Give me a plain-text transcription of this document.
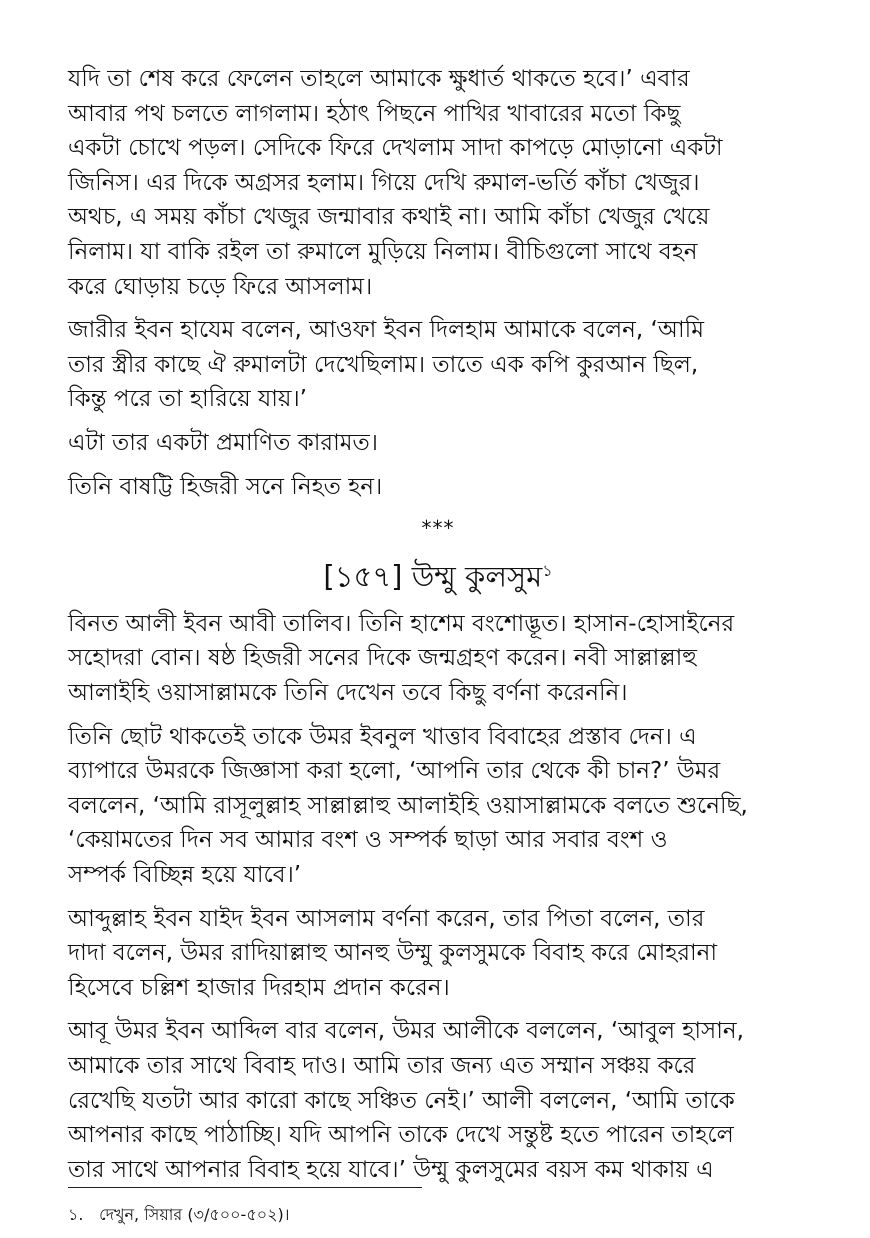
যদি তা শেষ করে ফেলেন তাহলে আমাকে ক্ষুধার্ত থাকতে হবে।’ এবার
আবার পথ চলতে লাগলাম। হঠাৎ পিছনে পাখির খাবারের মতো কিছু
একটা চোখে পড়ল। সেদিকে ফিরে দেখলাম সাদা কাপড়ে মোড়ানো একটা
জিনিস। এর দিকে অগ্রসর হলাম। গিয়ে দেখি রুমাল-ভর্তি কাঁচা খেজুর।
অথচ, এ সময় কাঁচা খেজুর জন্মাবার কথাই না। আমি কাঁচা খেজুর খেয়ে
নিলাম। যা বাকি রইল তা রুমালে মুড়িয়ে নিলাম। বীচিগুলো সাথে বহন
করে ঘোড়ায় চড়ে ফিরে আসলাম।
জারীর ইবন হাযেম বলেন, আওফা ইবন দিলহাম আমাকে বলেন, ‘আমি
তার স্ত্রীর কাছে ঐ রুমালটা দেখেছিলাম। তাতে এক কপি কুরআন ছিল,
কিন্তু পরে তা হারিয়ে যায়।’
এটা তার একটা প্রমাণিত কারামত।
তিনি বাষট্টি হিজরী সনে নিহত হন।
***
[১৫৭] উম্মু কুলসুম$^১$
বিনত আলী ইবন আবী তালিব। তিনি হাশেম বংশোদ্ভূত। হাসান-হোসাইনের
সহোদরা বোন। ষষ্ঠ হিজরী সনের দিকে জন্মগ্রহণ করেন। নবী সাল্লাল্লাহু
আলাইহি ওয়াসাল্লামকে তিনি দেখেন তবে কিছু বর্ণনা করেননি।
তিনি ছোট থাকতেই তাকে উমর ইবনুল খাত্তাব বিবাহের প্রস্তাব দেন। এ
ব্যাপারে উমরকে জিজ্ঞাসা করা হলো, ‘আপনি তার থেকে কী চান?’ উমর
বললেন, ‘আমি রাসূলুল্লাহ সাল্লাল্লাহু আলাইহি ওয়াসাল্লামকে বলতে শুনেছি,
‘কেয়ামতের দিন সব আমার বংশ ও সম্পর্ক ছাড়া আর সবার বংশ ও
সম্পর্ক বিচ্ছিন্ন হয়ে যাবে।’
আব্দুল্লাহ ইবন যাইদ ইবন আসলাম বর্ণনা করেন, তার পিতা বলেন, তার
দাদা বলেন, উমর রাদিয়াল্লাহু আনহু উম্মু কুলসুমকে বিবাহ করে মোহরানা
হিসেবে চল্লিশ হাজার দিরহাম প্রদান করেন।
আবূ উমর ইবন আব্দিল বার বলেন, উমর আলীকে বললেন, ‘আবুল হাসান,
আমাকে তার সাথে বিবাহ দাও। আমি তার জন্য এত সম্মান সঞ্চয় করে
রেখেছি যতটা আর কারো কাছে সঞ্চিত নেই।’ আলী বললেন, ‘আমি তাকে
আপনার কাছে পাঠাচ্ছি। যদি আপনি তাকে দেখে সন্তুষ্ট হতে পারেন তাহলে
তার সাথে আপনার বিবাহ হয়ে যাবে।’ উম্মু কুলসুমের বয়স কম থাকায় এ
১. দেখুন, সিয়ার (৩/৫০০-৫০২)।
